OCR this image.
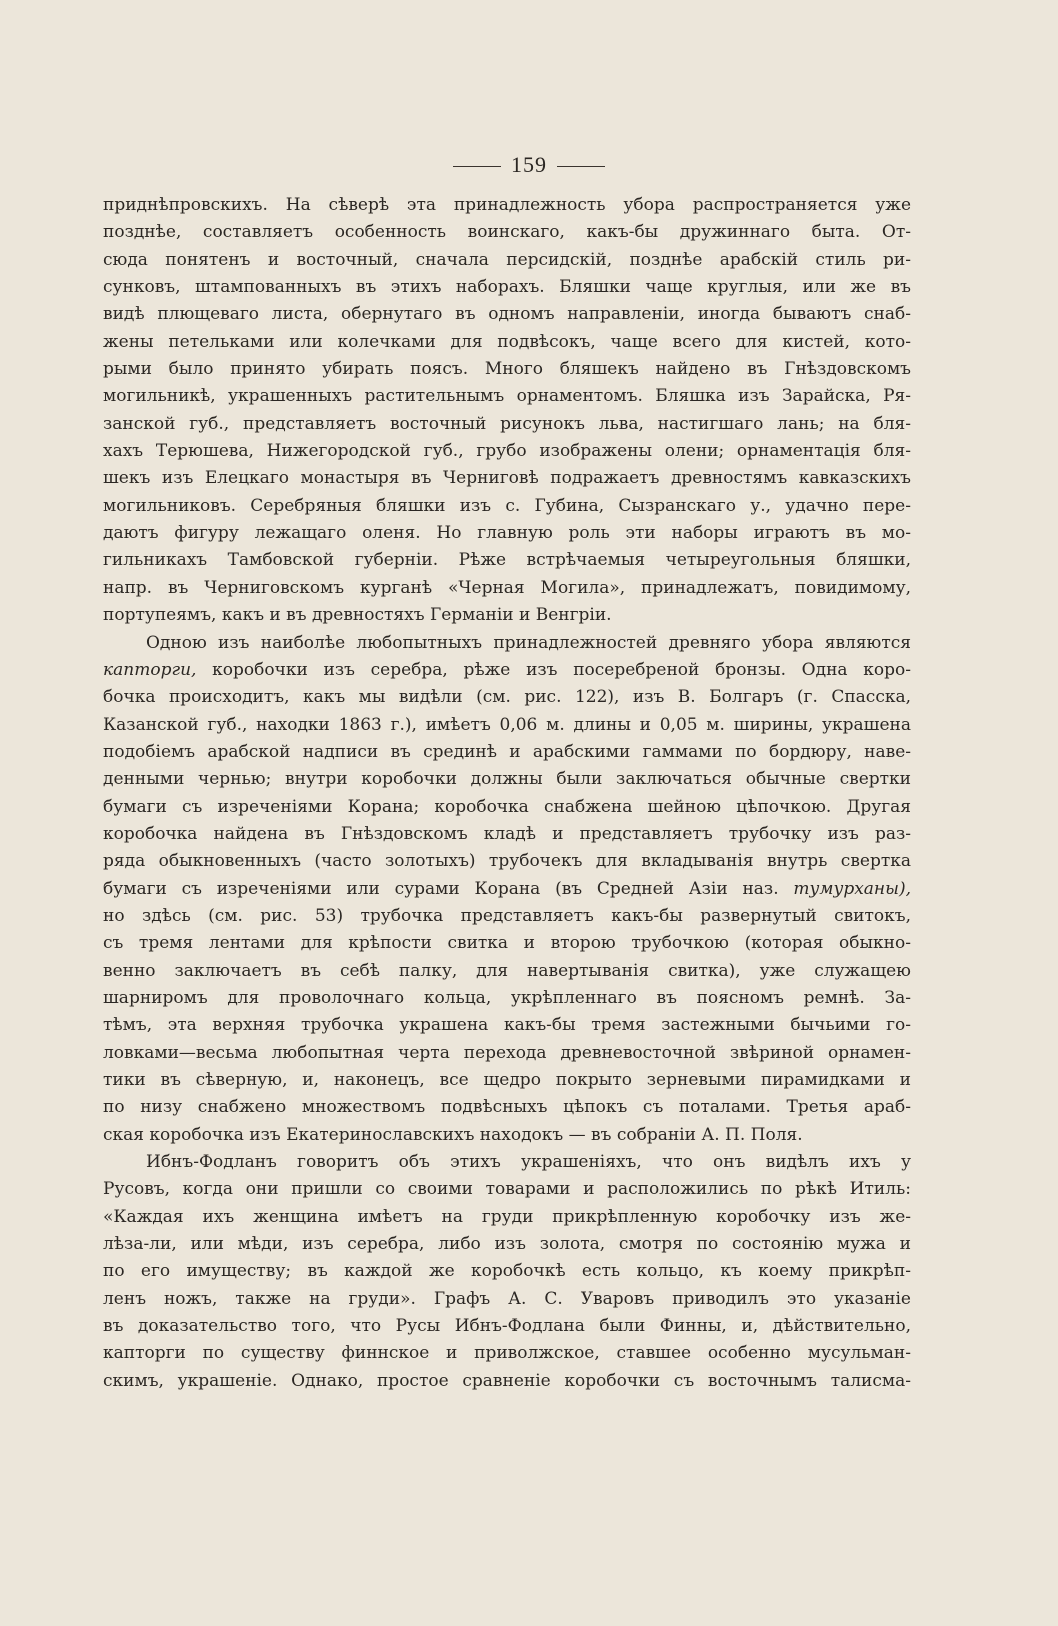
159
приднѣпровскихъ. На сѣверѣ эта принадлежность убора распространяется уже
позднѣе, составляетъ особенность воинскаго, какъ-бы дружиннаго быта. От-
сюда понятенъ и восточный, сначала персидскій, позднѣе арабскій стиль ри-
сунковъ, штампованныхъ въ этихъ наборахъ. Бляшки чаще круглыя, или же въ
видѣ плющеваго листа, обернутаго въ одномъ направленіи, иногда бываютъ снаб-
жены петельками или колечками для подвѣсокъ, чаще всего для кистей, кото-
рыми было принято убирать поясъ. Много бляшекъ найдено въ Гнѣздовскомъ
могильникѣ, украшенныхъ растительнымъ орнаментомъ. Бляшка изъ Зарайска, Ря-
занской губ., представляетъ восточный рисунокъ льва, настигшаго лань; на бля-
хахъ Терюшева, Нижегородской губ., грубо изображены олени; орнаментація бля-
шекъ изъ Елецкаго монастыря въ Черниговѣ подражаетъ древностямъ кавказскихъ
могильниковъ. Серебряныя бляшки изъ с. Губина, Сызранскаго у., удачно пере-
даютъ фигуру лежащаго оленя. Но главную роль эти наборы играютъ въ мо-
гильникахъ Тамбовской губерніи. Рѣже встрѣчаемыя четыреугольныя бляшки,
напр. въ Черниговскомъ курганѣ «Черная Могила», принадлежатъ, повидимому,
портупеямъ, какъ и въ древностяхъ Германіи и Венгріи.
Одною изъ наиболѣе любопытныхъ принадлежностей древняго убора являются
капторги, коробочки изъ серебра, рѣже изъ посеребреной бронзы. Одна коро-
бочка происходитъ, какъ мы видѣли (см. рис. 122), изъ В. Болгаръ (г. Спасска,
Казанской губ., находки 1863 г.), имѣетъ 0,06 м. длины и 0,05 м. ширины, украшена
подобіемъ арабской надписи въ срединѣ и арабскими гаммами по бордюру, наве-
денными чернью; внутри коробочки должны были заключаться обычные свертки
бумаги съ изреченіями Корана; коробочка снабжена шейною цѣпочкою. Другая
коробочка найдена въ Гнѣздовскомъ кладѣ и представляетъ трубочку изъ раз-
ряда обыкновенныхъ (часто золотыхъ) трубочекъ для вкладыванія внутрь свертка
бумаги съ изреченіями или сурами Корана (въ Средней Азіи наз. тумурханы),
но здѣсь (см. рис. 53) трубочка представляетъ какъ-бы развернутый свитокъ,
съ тремя лентами для крѣпости свитка и второю трубочкою (которая обыкно-
венно заключаетъ въ себѣ палку, для навертыванія свитка), уже служащею
шарниромъ для проволочнаго кольца, укрѣпленнаго въ поясномъ ремнѣ. За-
тѣмъ, эта верхняя трубочка украшена какъ-бы тремя застежными бычьими го-
ловками—весьма любопытная черта перехода древневосточной звѣриной орнамен-
тики въ сѣверную, и, наконецъ, все щедро покрыто зерневыми пирамидками и
по низу снабжено множествомъ подвѣсныхъ цѣпокъ съ поталами. Третья араб-
ская коробочка изъ Екатеринославскихъ находокъ — въ собраніи А. П. Поля.
Ибнъ-Фодланъ говоритъ объ этихъ украшеніяхъ, что онъ видѣлъ ихъ у
Русовъ, когда они пришли со своими товарами и расположились по рѣкѣ Итиль:
«Каждая ихъ женщина имѣетъ на груди прикрѣпленную коробочку изъ же-
лѣза-ли, или мѣди, изъ серебра, либо изъ золота, смотря по состоянію мужа и
по его имуществу; въ каждой же коробочкѣ есть кольцо, къ коему прикрѣп-
ленъ ножъ, также на груди». Графъ А. С. Уваровъ приводилъ это указаніе
въ доказательство того, что Русы Ибнъ-Фодлана были Финны, и, дѣйствительно,
капторги по существу финнское и приволжское, ставшее особенно мусульман-
скимъ, украшеніе. Однако, простое сравненіе коробочки съ восточнымъ талисма-
